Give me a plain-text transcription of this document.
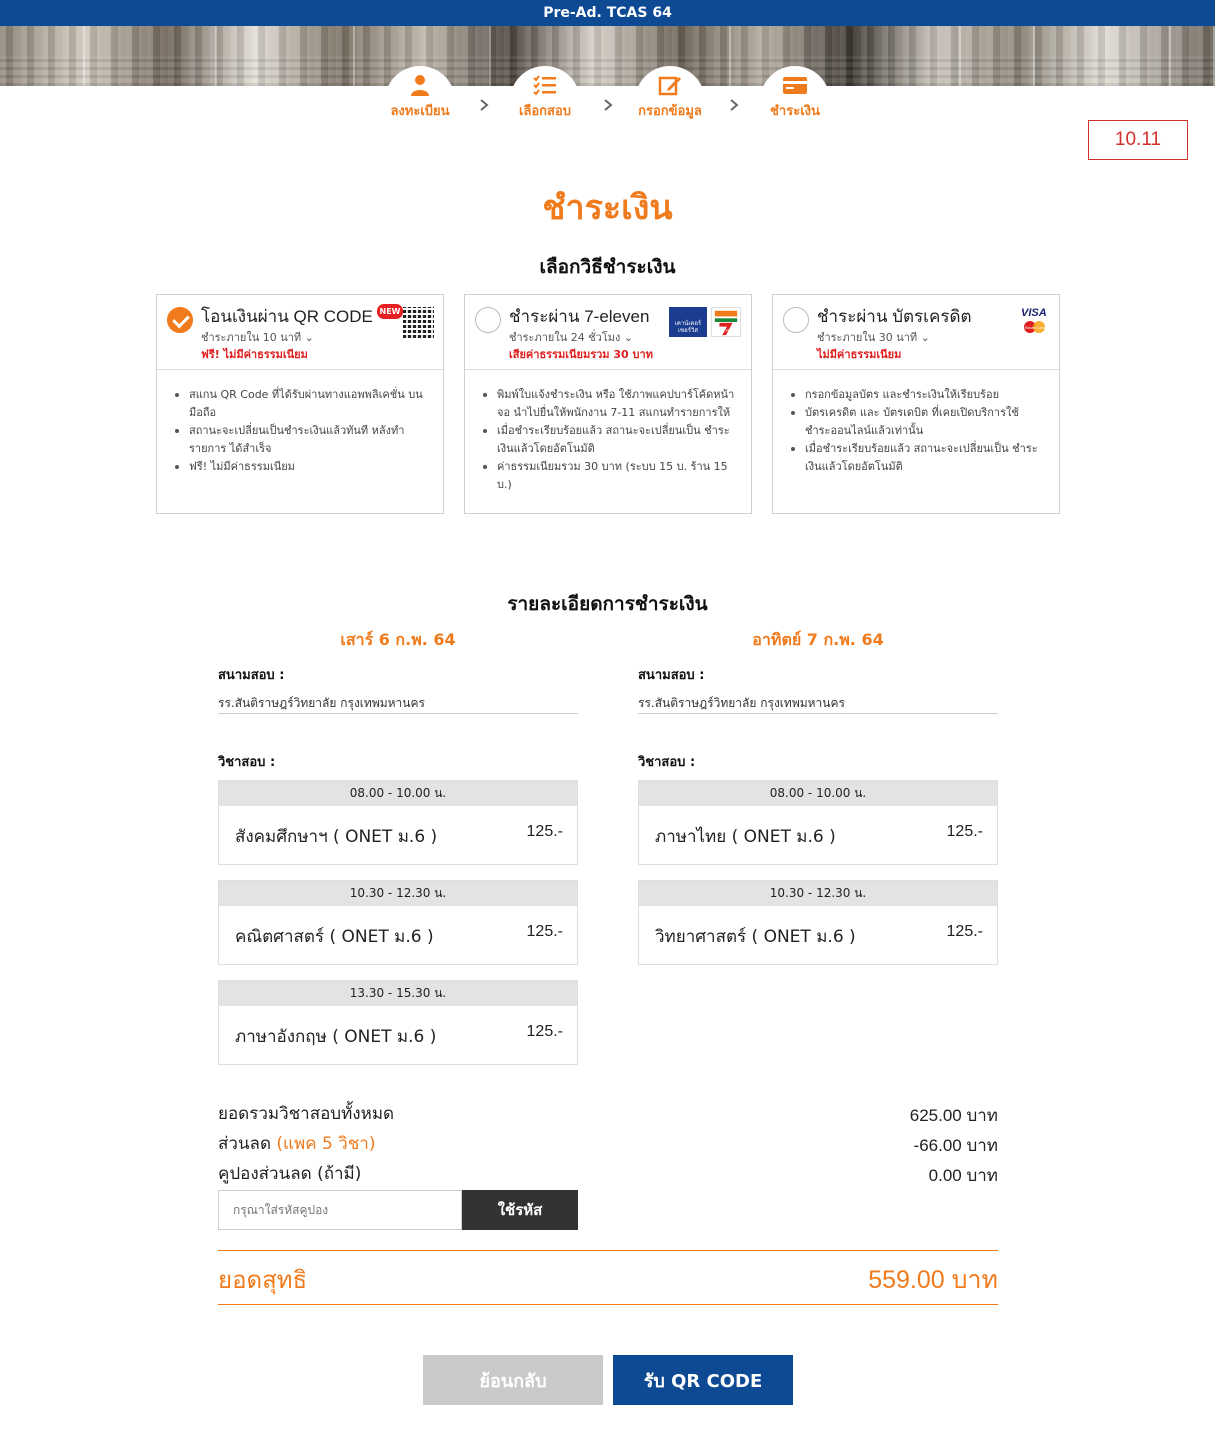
Pre-Ad. TCAS 64
ลงทะเบียน	เลือกสอบ	กรอกข้อมูล	ชำระเงิน
10.11
ชำระเงิน
เลือกวิธีชำระเงิน
โอนเงินผ่าน QR CODE NEW
ชำระภายใน 10 นาที ⌄
ฟรี! ไม่มีค่าธรรมเนียม
สแกน QR Code ที่ได้รับผ่านทางแอพพลิเคชั่น บน มือถือ
สถานะจะเปลี่ยนเป็นชำระเงินแล้วทันที หลังทำ รายการ ได้สำเร็จ
ฟรี! ไม่มีค่าธรรมเนียม
ชำระผ่าน 7-eleven	เคาน์เตอร์ เซอร์วิส	ELEVEN
ชำระภายใน 24 ชั่วโมง ⌄
เสียค่าธรรมเนียมรวม 30 บาท
พิมพ์ใบแจ้งชำระเงิน หรือ ใช้ภาพแคปบาร์โค้ดหน้า จอ นำไปยื่นให้พนักงาน 7-11 สแกนทำรายการให้
เมื่อชำระเรียบร้อยแล้ว สถานะจะเปลี่ยนเป็น ชำระ เงินแล้วโดยอัตโนมัติ
ค่าธรรมเนียมรวม 30 บาท (ระบบ 15 บ. ร้าน 15 บ.)
ชำระผ่าน บัตรเครดิต	VISA
MasterCard
ชำระภายใน 30 นาที ⌄
ไม่มีค่าธรรมเนียม
กรอกข้อมูลบัตร และชำระเงินให้เรียบร้อย
บัตรเครดิต และ บัตรเดบิต ที่เคยเปิดบริการใช้ ชำระออนไลน์แล้วเท่านั้น
เมื่อชำระเรียบร้อยแล้ว สถานะจะเปลี่ยนเป็น ชำระ เงินแล้วโดยอัตโนมัติ
รายละเอียดการชำระเงิน
เสาร์ 6 ก.พ. 64	อาทิตย์ 7 ก.พ. 64
สนามสอบ :	สนามสอบ :
รร.สันติราษฎร์วิทยาลัย กรุงเทพมหานคร	รร.สันติราษฎร์วิทยาลัย กรุงเทพมหานคร
วิชาสอบ :	วิชาสอบ :
08.00 - 10.00 น.
สังคมศึกษาฯ ( ONET ม.6 )	125.-
10.30 - 12.30 น.
คณิตศาสตร์ ( ONET ม.6 )	125.-
13.30 - 15.30 น.
ภาษาอังกฤษ ( ONET ม.6 )	125.-
08.00 - 10.00 น.
ภาษาไทย ( ONET ม.6 )	125.-
10.30 - 12.30 น.
วิทยาศาสตร์ ( ONET ม.6 )	125.-
ยอดรวมวิชาสอบทั้งหมด	625.00 บาท
ส่วนลด (แพค 5 วิชา)	-66.00 บาท
คูปองส่วนลด (ถ้ามี)	0.00 บาท
กรุณาใส่รหัสคูปอง
ใช้รหัส
ยอดสุทธิ	559.00 บาท
ย้อนกลับ	รับ QR CODE
